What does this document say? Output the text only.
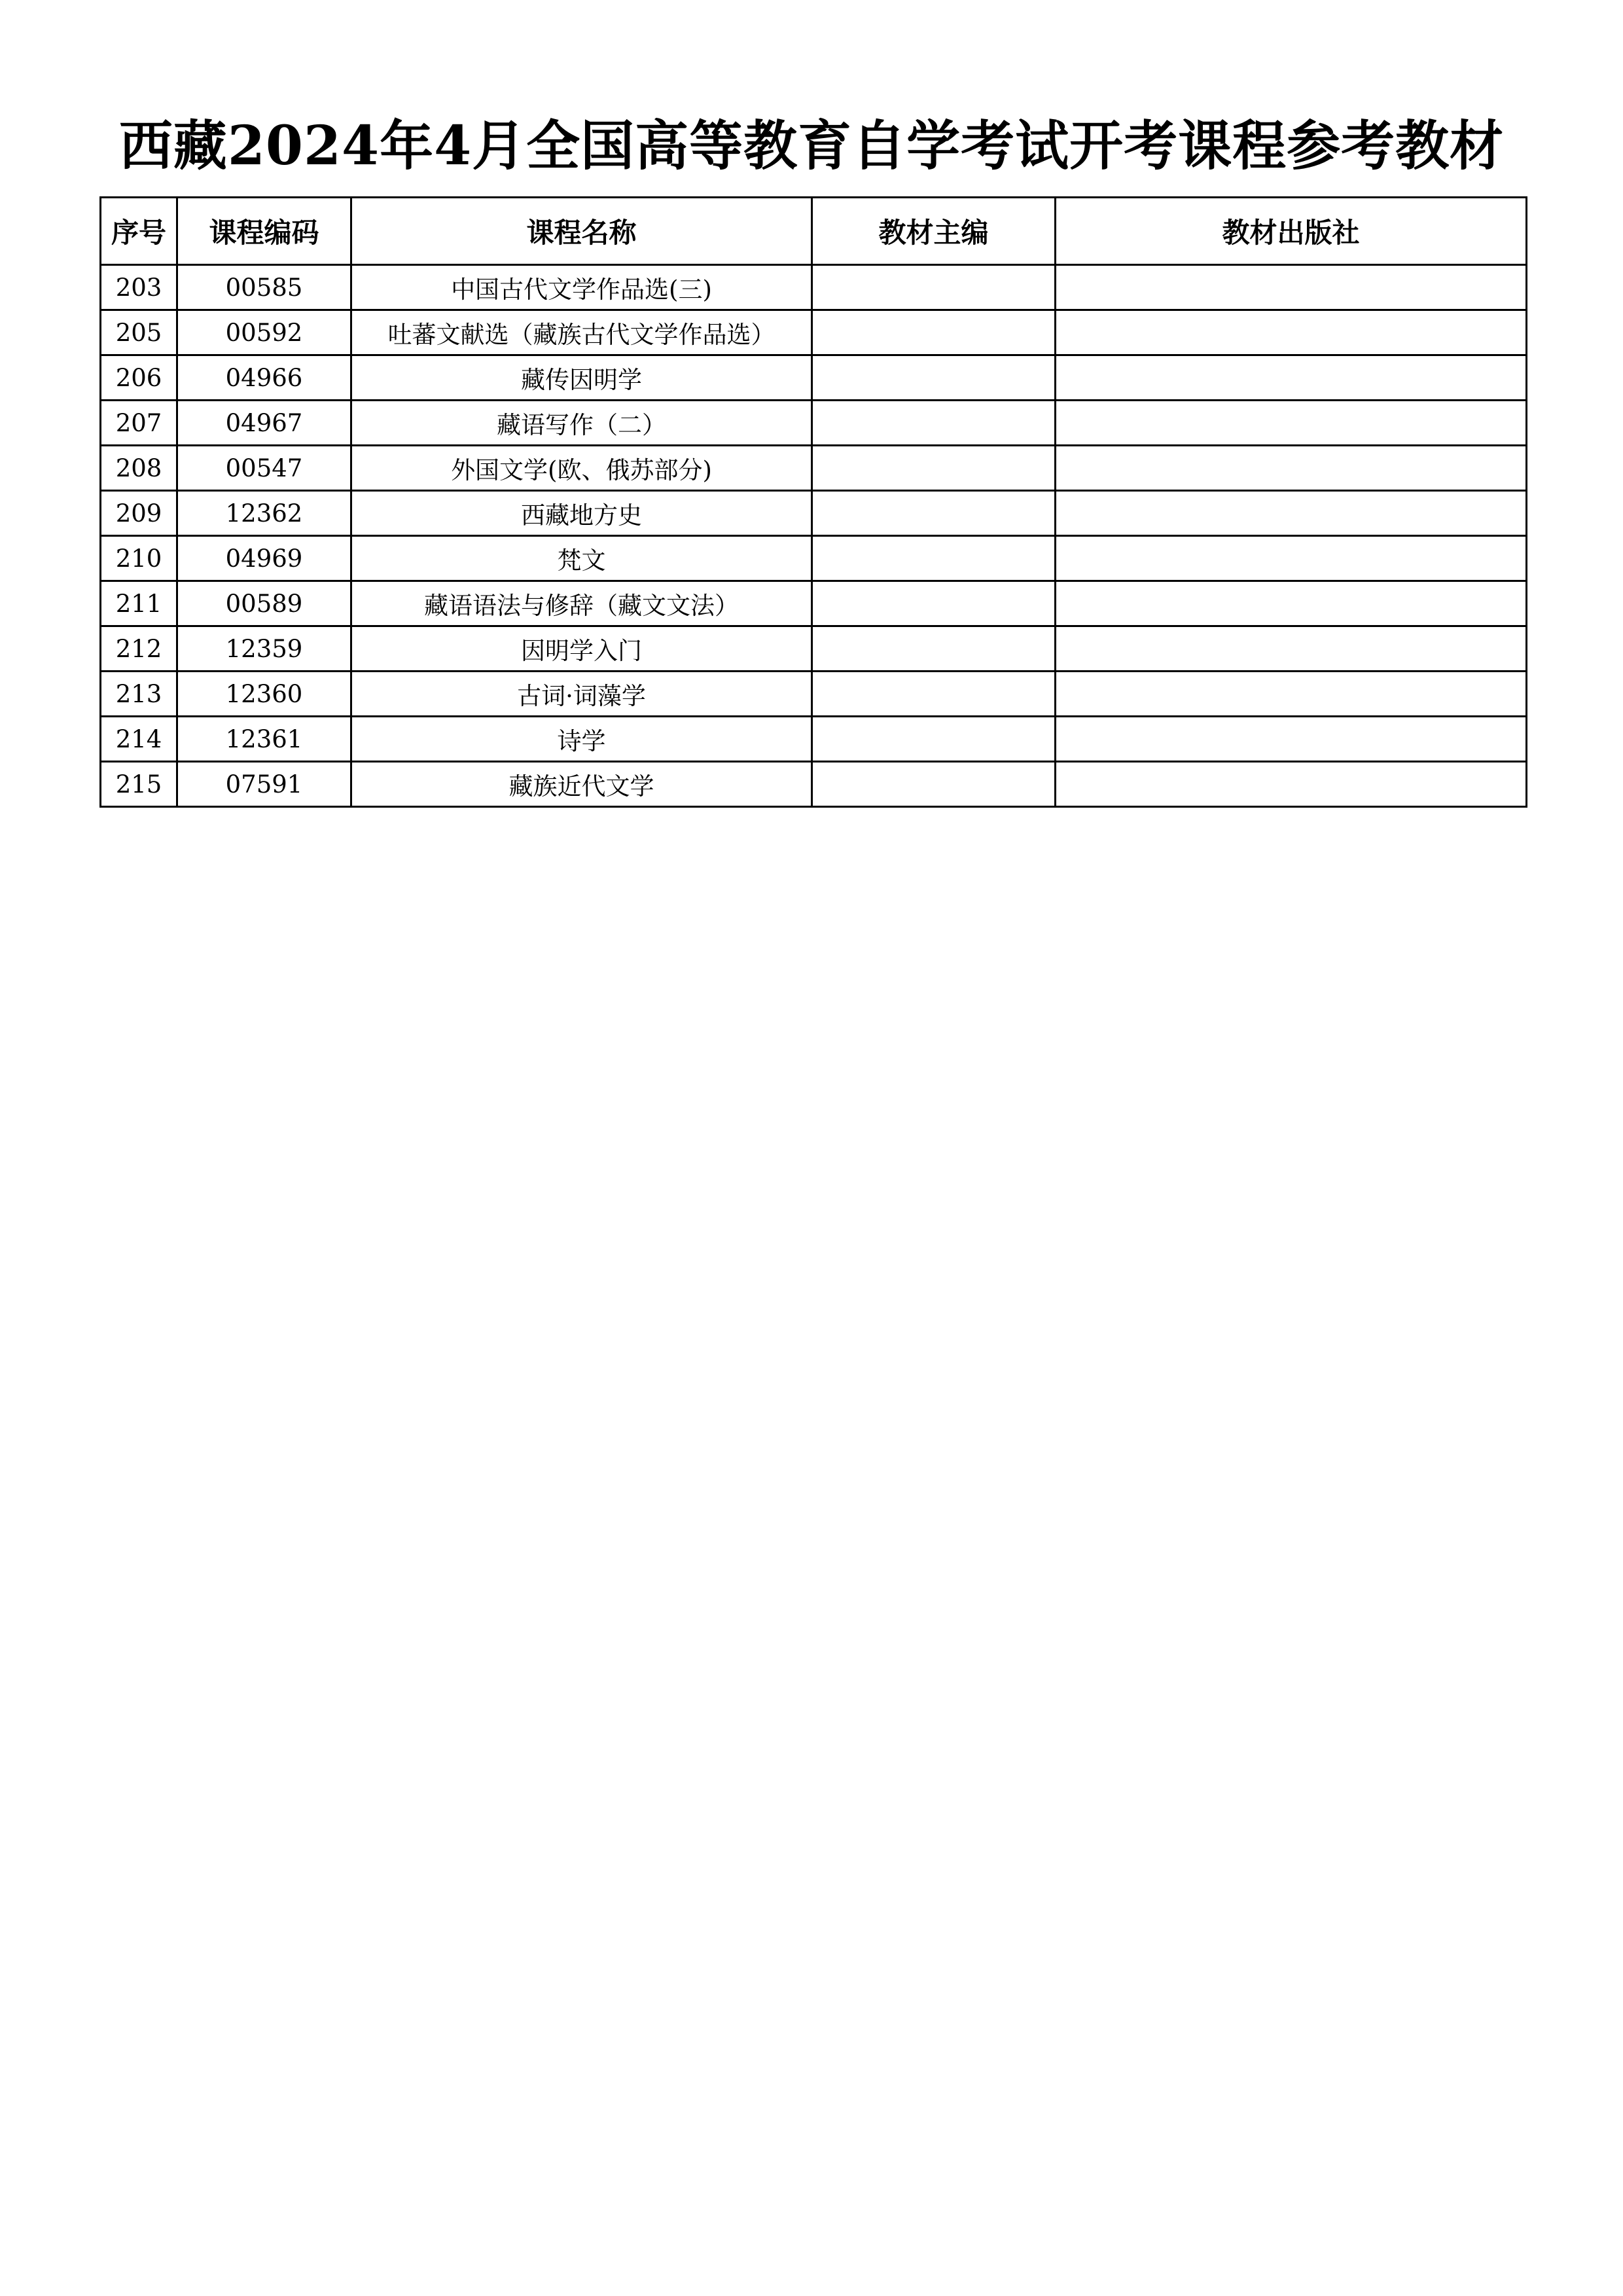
西藏2024年4月全国高等教育自学考试开考课程参考教材
序号	课程编码	课程名称	教材主编	教材出版社
203	00585	中国古代文学作品选(三)		
205	00592	吐蕃文献选（藏族古代文学作品选）		
206	04966	藏传因明学		
207	04967	藏语写作（二）		
208	00547	外国文学(欧、俄苏部分)		
209	12362	西藏地方史		
210	04969	梵文		
211	00589	藏语语法与修辞（藏文文法）		
212	12359	因明学入门		
213	12360	古词·词藻学		
214	12361	诗学		
215	07591	藏族近代文学		
